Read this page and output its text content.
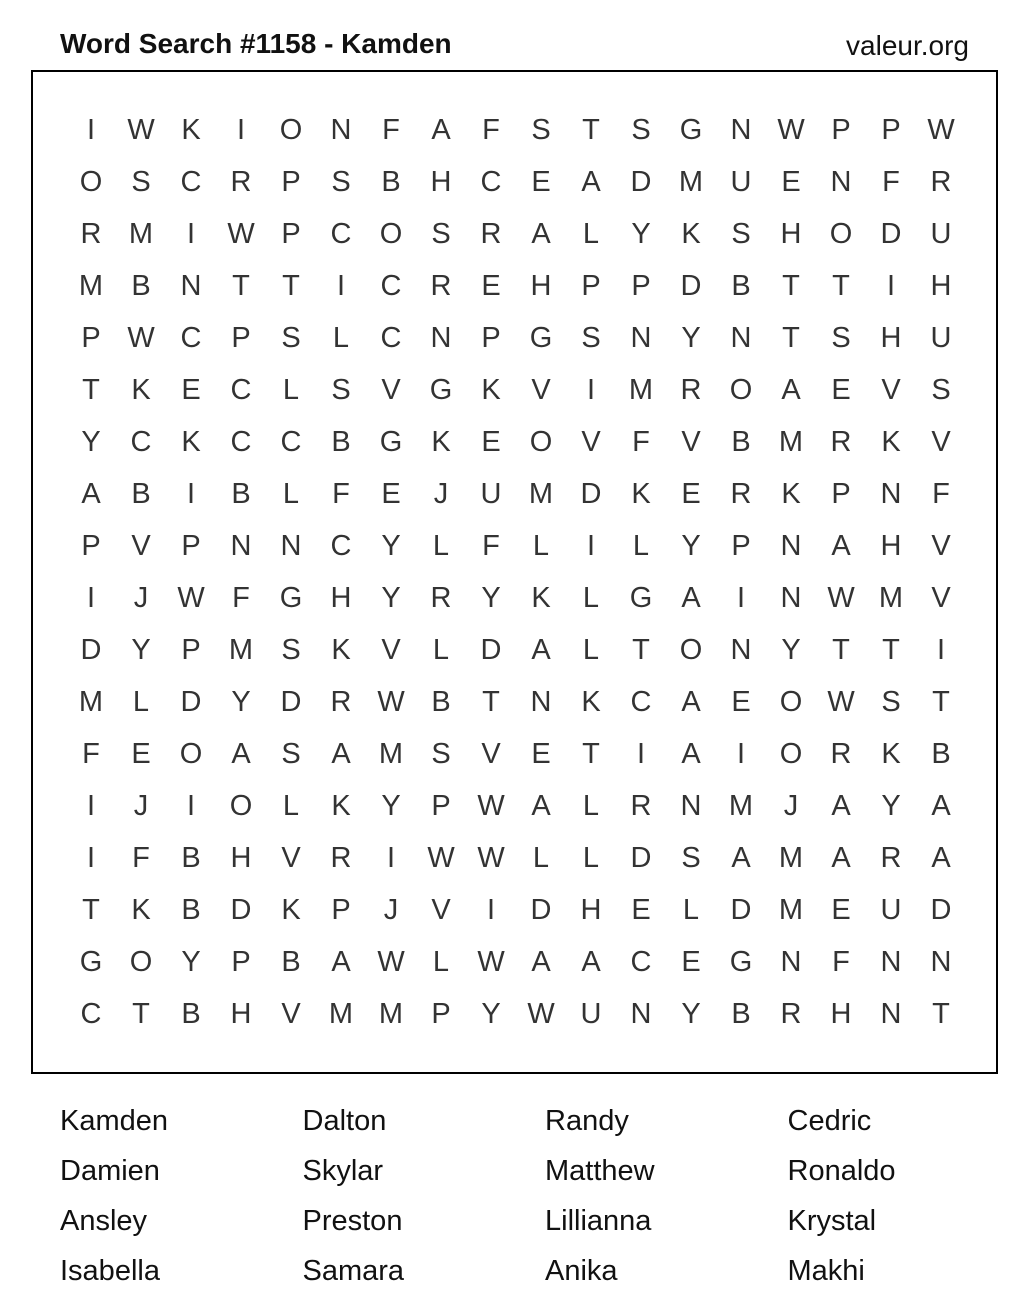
Word Search #1158 - Kamden	valeur.org
I	W K	I	O N	F	A	F	S	T	S	G N W P	P W
O	S	C	R	P	S	B	H	C	E	A	D M U	E	N	F	R
R M	I	W P	C O	S	R	A	L	Y	K	S	H O D	U
M B	N	T	T	I	C	R	E	H	P	P	D	B	T	T	I	H
P W C	P	S	L	C	N	P	G	S	N	Y	N	T	S	H	U
T	K	E	C	L	S	V	G	K	V	I	M R O	A	E	V	S
Y	C	K	C	C	B	G	K	E	O	V	F	V	B M R	K	V
A	B	I	B	L	F	E	J	U M D	K	E	R	K	P	N	F
P	V	P	N	N	C	Y	L	F	L	I	L	Y	P	N	A	H	V
I	J	W F	G H	Y	R	Y	K	L	G	A	I	N W M V
D	Y	P M S	K	V	L	D	A	L	T	O N	Y	T	T	I
M	L	D	Y	D	R W B	T	N	K	C	A	E	O W S	T
F	E	O	A	S	A M S	V	E	T	I	A	I	O R	K	B
I	J	I	O	L	K	Y	P W A	L	R	N M	J	A	Y	A
I	F	B	H	V	R	I	W W L	L	D	S	A M A	R	A
T	K	B	D	K	P	J	V	I	D	H	E	L	D M E	U	D
G O	Y	P	B	A W L W A	A	C	E	G N	F	N	N
C	T	B	H	V M M P	Y W U	N	Y	B	R	H	N	T
Kamden	Dalton	Randy	Cedric
Damien	Skylar	Matthew	Ronaldo
Ansley	Preston	Lillianna	Krystal
Isabella	Samara	Anika	Makhi
